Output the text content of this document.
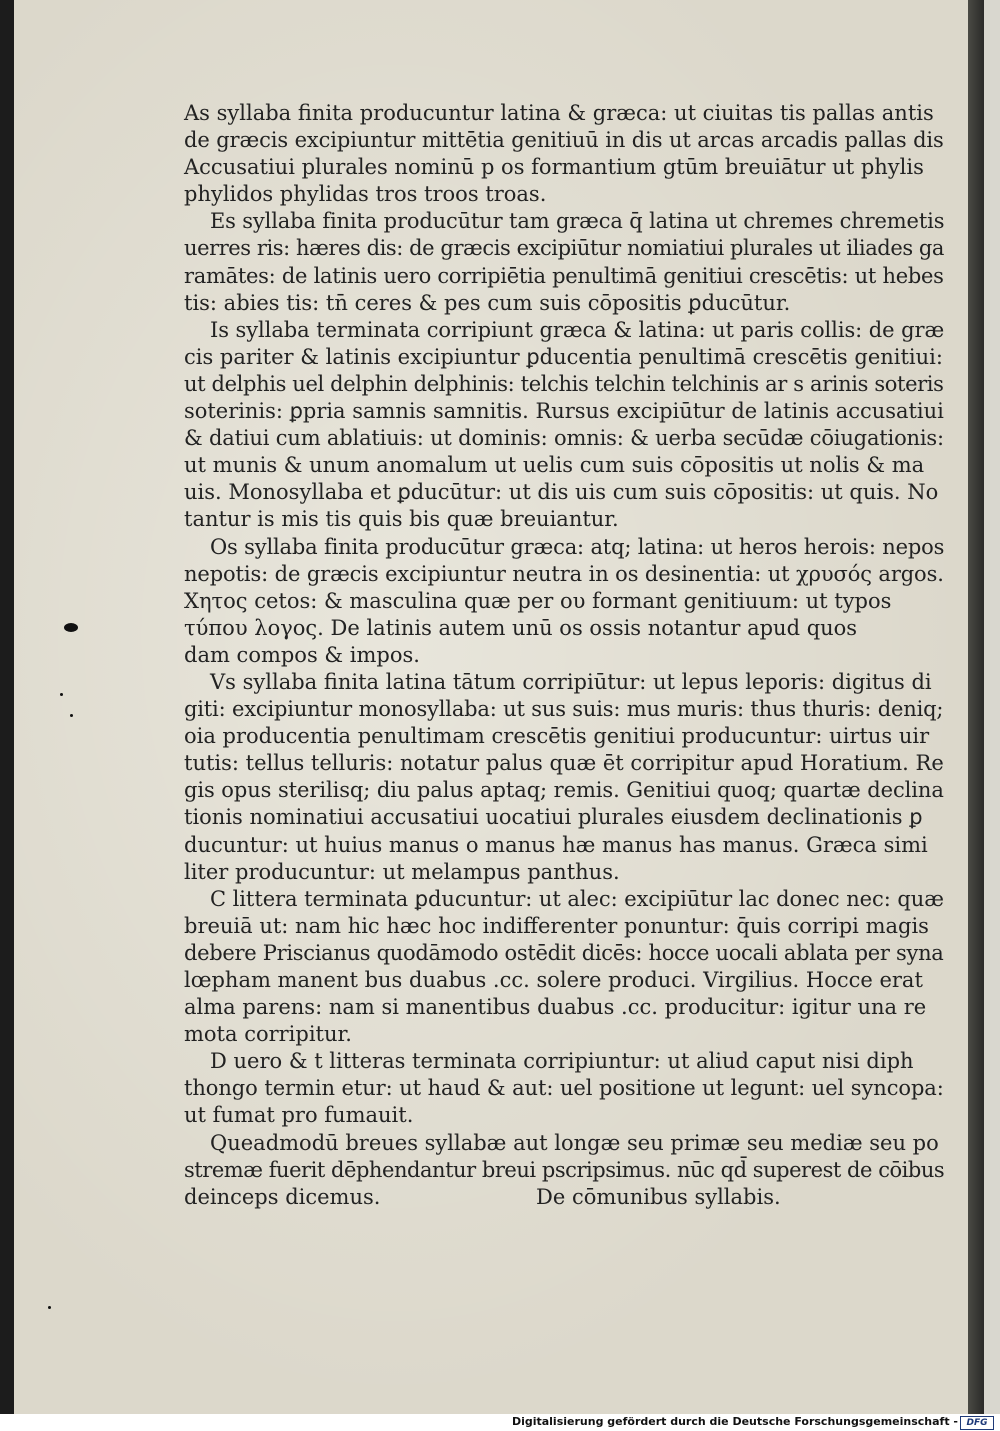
As syllaba finita producuntur latina & græca: ut ciuitas tis pallas antis
de græcis excipiuntur mittētia genitiuū in dis ut arcas arcadis pallas dis
Accusatiui plurales nominū p os formantium gtūm breuiātur ut phylis
phylidos phylidas tros troos troas.
Es syllaba finita producūtur tam græca q̄ latina ut chremes chremetis
uerres ris: hæres dis: de græcis excipiūtur nomiatiui plurales ut iliades ga
ramātes: de latinis uero corripiētia penultimā genitiui crescētis: ut hebes
tis: abies tis: tn̄ ceres & pes cum suis cōpositis ꝑducūtur.
Is syllaba terminata corripiunt græca & latina: ut paris collis: de græ
cis pariter & latinis excipiuntur ꝑducentia penultimā crescētis genitiui:
ut delphis uel delphin delphinis: telchis telchin telchinis ar s arinis soteris
soterinis: ꝑpria samnis samnitis. Rursus excipiūtur de latinis accusatiui
& datiui cum ablatiuis: ut dominis: omnis: & uerba secūdæ cōiugationis:
ut munis & unum anomalum ut uelis cum suis cōpositis ut nolis & ma
uis. Monosyllaba et ꝑducūtur: ut dis uis cum suis cōpositis: ut quis. No
tantur is mis tis quis bis quæ breuiantur.
Os syllaba finita producūtur græca: atq; latina: ut heros herois: nepos
nepotis: de græcis excipiuntur neutra in os desinentia: ut χρυσός argos.
Χητος cetos: & masculina quæ per ου formant genitiuum: ut typos
τύπου λογος. De latinis autem unū os ossis notantur apud quos
dam compos & impos.
Vs syllaba finita latina tātum corripiūtur: ut lepus leporis: digitus di
giti: excipiuntur monosyllaba: ut sus suis: mus muris: thus thuris: deniq;
oia producentia penultimam crescētis genitiui producuntur: uirtus uir
tutis: tellus telluris: notatur palus quæ ēt corripitur apud Horatium. Re
gis opus sterilisq; diu palus aptaq; remis. Genitiui quoq; quartæ declina
tionis nominatiui accusatiui uocatiui plurales eiusdem declinationis ꝑ
ducuntur: ut huius manus o manus hæ manus has manus. Græca simi
liter producuntur: ut melampus panthus.
C littera terminata ꝑducuntur: ut alec: excipiūtur lac donec nec: quæ
breuiā ut: nam hic hæc hoc indifferenter ponuntur: q̄uis corripi magis
debere Priscianus quodāmodo ostēdit dicēs: hocce uocali ablata per syna
lœpham manent bus duabus .cc. solere produci. Virgilius. Hocce erat
alma parens: nam si manentibus duabus .cc. producitur: igitur una re
mota corripitur.
D uero & t litteras terminata corripiuntur: ut aliud caput nisi diph
thongo termin etur: ut haud & aut: uel positione ut legunt: uel syncopa:
ut fumat pro fumauit.
Queadmodū breues syllabæ aut longæ seu primæ seu mediæ seu po
stremæ fuerit dēphendantur breui pscripsimus. nūc qd̄ superest de cōibus
deinceps dicemus.	De cōmunibus syllabis.
Digitalisierung gefördert durch die Deutsche Forschungsgemeinschaft - DFG
